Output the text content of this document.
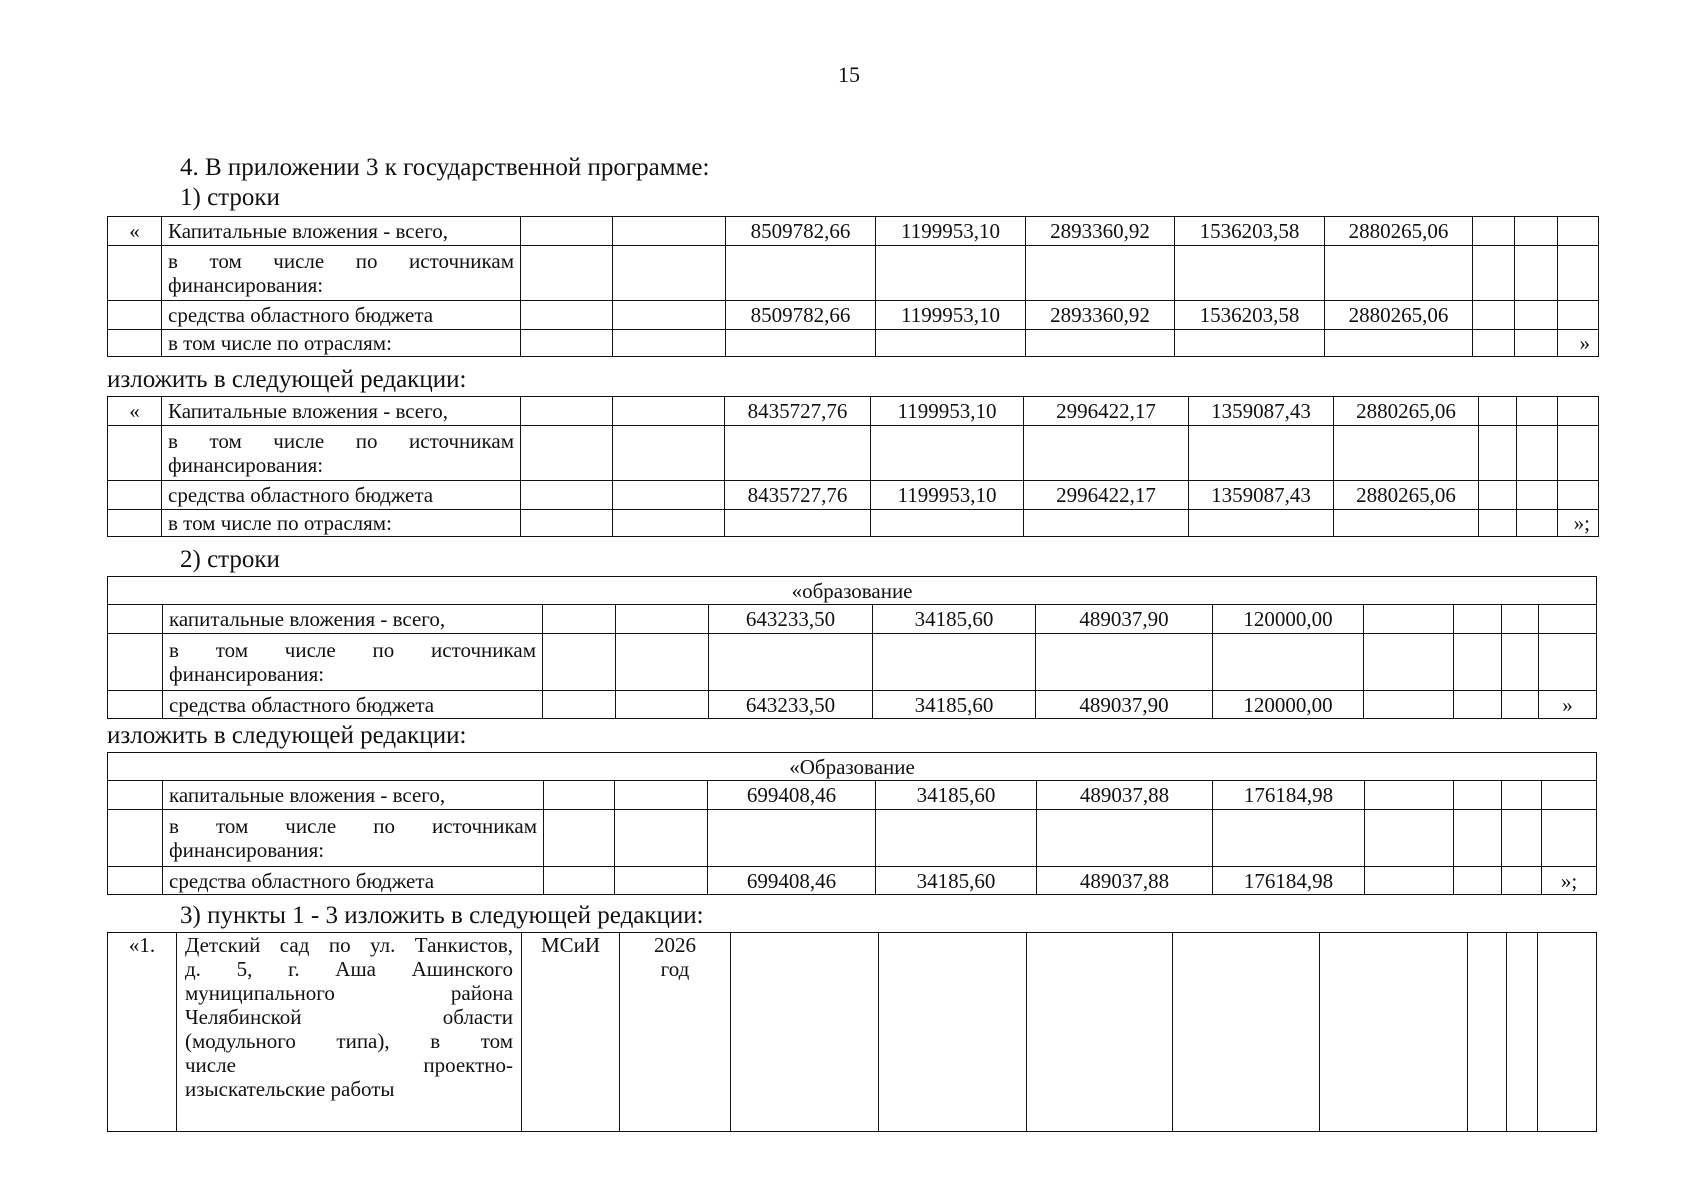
15
4. В приложении 3 к государственной программе:
1) строки
«	Капитальные вложения - всего,			8509782,66	1199953,10	2893360,92	1536203,58	2880265,06			

	в том числе по источникам
финансирования:										

	средства областного бюджета			8509782,66	1199953,10	2893360,92	1536203,58	2880265,06			
	в том числе по отраслям:										»
изложить в следующей редакции:
«	Капитальные вложения - всего,			8435727,76	1199953,10	2996422,17	1359087,43	2880265,06			

	в том числе по источникам
финансирования:										

	средства областного бюджета			8435727,76	1199953,10	2996422,17	1359087,43	2880265,06			
	в том числе по отраслям:										»;
2) строки
«образование											
	капитальные вложения - всего,			643233,50	34185,60	489037,90	120000,00				

	в том числе по источникам
финансирования:										

	средства областного бюджета			643233,50	34185,60	489037,90	120000,00				»
изложить в следующей редакции:
«Образование											
	капитальные вложения - всего,			699408,46	34185,60	489037,88	176184,98				

	в том числе по источникам
финансирования:										

	средства областного бюджета			699408,46	34185,60	489037,88	176184,98				»;
3) пункты 1 - 3 изложить в следующей редакции:
«1.	Детский сад по ул. Танкистов,
д. 5, г. Аша Ашинского
муниципального района
Челябинской области
(модульного типа), в том
числе проектно-
изыскательские работы
	МСиИ	2026
год
